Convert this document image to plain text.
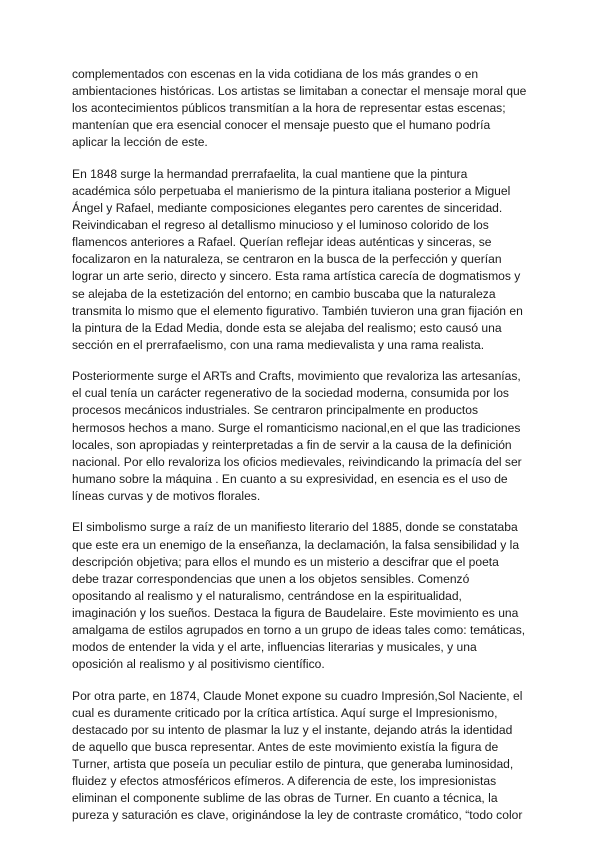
complementados con escenas en la vida cotidiana de los más grandes o en ambientaciones históricas. Los artistas se limitaban a conectar el mensaje moral que los acontecimientos públicos transmitían a la hora de representar estas escenas; mantenían que era esencial conocer el mensaje puesto que el humano podría aplicar la lección de este.

En 1848 surge la hermandad prerrafaelita, la cual mantiene que la pintura académica sólo perpetuaba el manierismo de la pintura italiana posterior a Miguel Ángel y Rafael, mediante composiciones elegantes pero carentes de sinceridad. Reivindicaban el regreso al detallismo minucioso y el luminoso colorido de los flamencos anteriores a Rafael. Querían reflejar ideas auténticas y sinceras, se focalizaron en la naturaleza, se centraron en la busca de la perfección y querían lograr un arte serio, directo y sincero. Esta rama artística carecía de dogmatismos y se alejaba de la estetización del entorno; en cambio buscaba que la naturaleza transmita lo mismo que el elemento figurativo. También tuvieron una gran fijación en la pintura de la Edad Media, donde esta se alejaba del realismo; esto causó una sección en el prerrafaelismo, con una rama medievalista y una rama realista.

Posteriormente surge el ARTs and Crafts, movimiento que revaloriza las artesanías, el cual tenía un carácter regenerativo de la sociedad moderna, consumida por los procesos mecánicos industriales. Se centraron principalmente en productos hermosos hechos a mano. Surge el romanticismo nacional,en el que las tradiciones locales, son apropiadas y reinterpretadas a fin de servir a la causa de la definición nacional. Por ello revaloriza los oficios medievales, reivindicando la primacía del ser humano sobre la máquina . En cuanto a su expresividad, en esencia es el uso de líneas curvas y de motivos florales.

El simbolismo surge a raíz de un manifiesto literario del 1885, donde se constataba que este era un enemigo de la enseñanza, la declamación, la falsa sensibilidad y la descripción objetiva; para ellos el mundo es un misterio a descifrar que el poeta debe trazar correspondencias que unen a los objetos sensibles. Comenzó opositando al realismo y el naturalismo, centrándose en la espiritualidad, imaginación y los sueños. Destaca la figura de Baudelaire. Este movimiento es una amalgama de estilos agrupados en torno a un grupo de ideas tales como: temáticas, modos de entender la vida y el arte, influencias literarias y musicales, y una oposición al realismo y al positivismo científico.

Por otra parte, en 1874, Claude Monet expone su cuadro Impresión,Sol Naciente, el cual es duramente criticado por la crítica artística. Aquí surge el Impresionismo, destacado por su intento de plasmar la luz y el instante, dejando atrás la identidad de aquello que busca representar. Antes de este movimiento existía la figura de Turner, artista que poseía un peculiar estilo de pintura, que generaba luminosidad, fluidez y efectos atmosféricos efímeros. A diferencia de este, los impresionistas eliminan el componente sublime de las obras de Turner. En cuanto a técnica, la pureza y saturación es clave, originándose la ley de contraste cromático, “todo color
